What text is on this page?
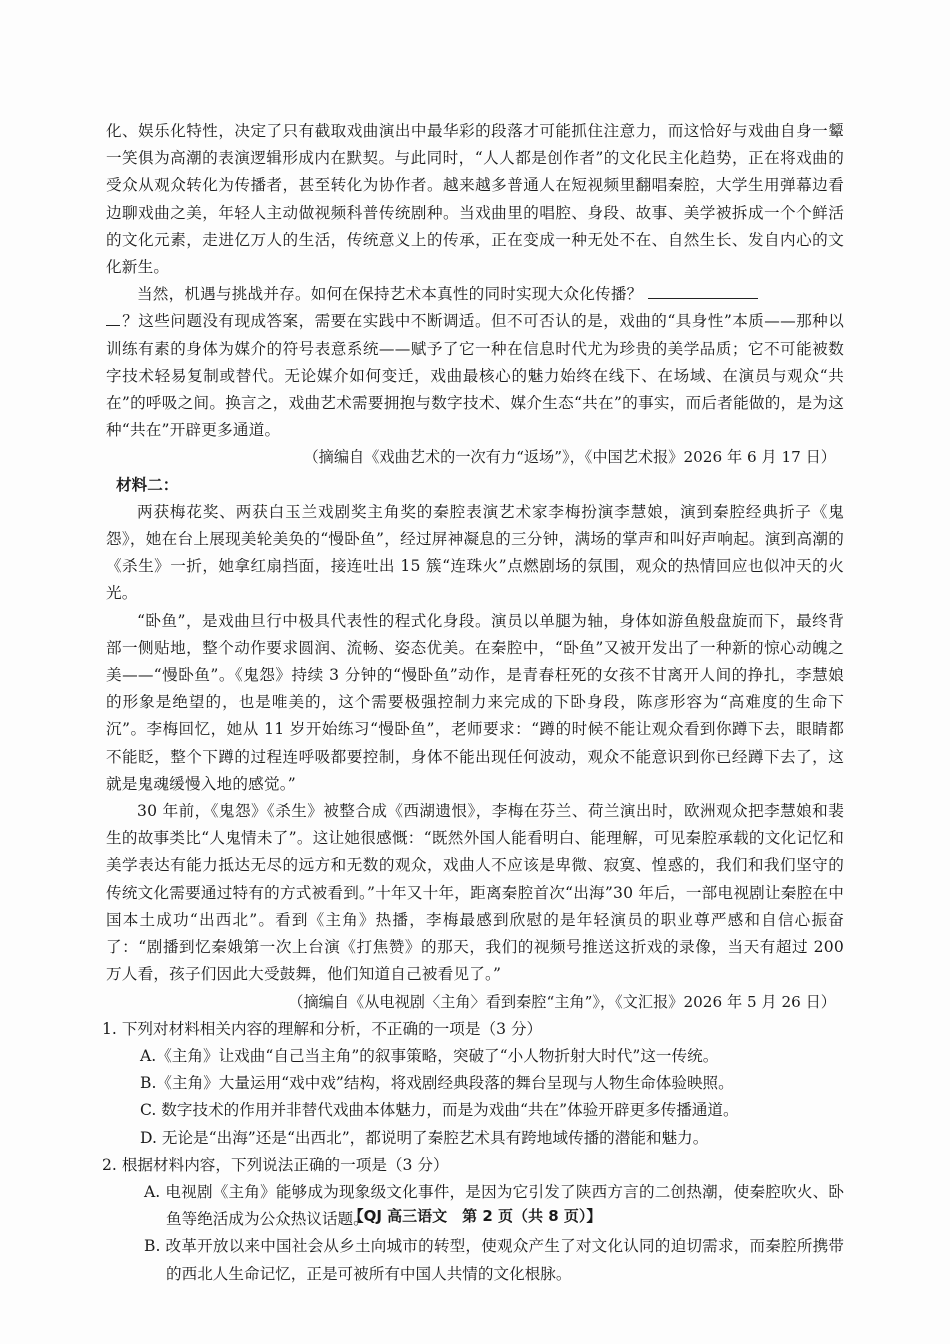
化、娱乐化特性，决定了只有截取戏曲演出中最华彩的段落才可能抓住注意力，而这恰好与戏曲自身一颦一笑俱为高潮的表演逻辑形成内在默契。与此同时，“人人都是创作者”的文化民主化趋势，正在将戏曲的受众从观众转化为传播者，甚至转化为协作者。越来越多普通人在短视频里翻唱秦腔，大学生用弹幕边看边聊戏曲之美，年轻人主动做视频科普传统剧种。当戏曲里的唱腔、身段、故事、美学被拆成一个个鲜活的文化元素，走进亿万人的生活，传统意义上的传承，正在变成一种无处不在、自然生长、发自内心的文化新生。

当然，机遇与挑战并存。如何在保持艺术本真性的同时实现大众化传播？
？这些问题没有现成答案，需要在实践中不断调适。但不可否认的是，戏曲的“具身性”本质——那种以训练有素的身体为媒介的符号表意系统——赋予了它一种在信息时代尤为珍贵的美学品质；它不可能被数字技术轻易复制或替代。无论媒介如何变迁，戏曲最核心的魅力始终在线下、在场域、在演员与观众“共在”的呼吸之间。换言之，戏曲艺术需要拥抱与数字技术、媒介生态“共在”的事实，而后者能做的，是为这种“共在”开辟更多通道。

（摘编自《戏曲艺术的一次有力“返场”》，《中国艺术报》2026 年 6 月 17 日）

材料二：

两获梅花奖、两获白玉兰戏剧奖主角奖的秦腔表演艺术家李梅扮演李慧娘，演到秦腔经典折子《鬼怨》，她在台上展现美轮美奂的“慢卧鱼”，经过屏神凝息的三分钟，满场的掌声和叫好声响起。演到高潮的《杀生》一折，她拿红扇挡面，接连吐出 15 簇“连珠火”点燃剧场的氛围，观众的热情回应也似冲天的火光。

“卧鱼”，是戏曲旦行中极具代表性的程式化身段。演员以单腿为轴，身体如游鱼般盘旋而下，最终背部一侧贴地，整个动作要求圆润、流畅、姿态优美。在秦腔中，“卧鱼”又被开发出了一种新的惊心动魄之美——“慢卧鱼”。《鬼怨》持续 3 分钟的“慢卧鱼”动作，是青春枉死的女孩不甘离开人间的挣扎，李慧娘的形象是绝望的，也是唯美的，这个需要极强控制力来完成的下卧身段，陈彦形容为“高难度的生命下沉”。李梅回忆，她从 11 岁开始练习“慢卧鱼”，老师要求：“蹲的时候不能让观众看到你蹲下去，眼睛都不能眨，整个下蹲的过程连呼吸都要控制，身体不能出现任何波动，观众不能意识到你已经蹲下去了，这就是鬼魂缓慢入地的感觉。”

30 年前，《鬼怨》《杀生》被整合成《西湖遗恨》，李梅在芬兰、荷兰演出时，欧洲观众把李慧娘和裴生的故事类比“人鬼情未了”。这让她很感慨：“既然外国人能看明白、能理解，可见秦腔承载的文化记忆和美学表达有能力抵达无尽的远方和无数的观众，戏曲人不应该是卑微、寂寞、惶惑的，我们和我们坚守的传统文化需要通过特有的方式被看到。”十年又十年，距离秦腔首次“出海”30 年后，一部电视剧让秦腔在中国本土成功“出西北”。看到《主角》热播，李梅最感到欣慰的是年轻演员的职业尊严感和自信心振奋了：“剧播到忆秦娥第一次上台演《打焦赞》的那天，我们的视频号推送这折戏的录像，当天有超过 200 万人看，孩子们因此大受鼓舞，他们知道自己被看见了。”

（摘编自《从电视剧〈主角〉看到秦腔“主角”》，《文汇报》2026 年 5 月 26 日）

1. 下列对材料相关内容的理解和分析，不正确的一项是（3 分）

A.《主角》让戏曲“自己当主角”的叙事策略，突破了“小人物折射大时代”这一传统。

B.《主角》大量运用“戏中戏”结构，将戏剧经典段落的舞台呈现与人物生命体验映照。

C. 数字技术的作用并非替代戏曲本体魅力，而是为戏曲“共在”体验开辟更多传播通道。

D. 无论是“出海”还是“出西北”，都说明了秦腔艺术具有跨地域传播的潜能和魅力。

2. 根据材料内容，下列说法正确的一项是（3 分）

A. 电视剧《主角》能够成为现象级文化事件，是因为它引发了陕西方言的二创热潮，使秦腔吹火、卧鱼等绝活成为公众热议话题。

B. 改革开放以来中国社会从乡土向城市的转型，使观众产生了对文化认同的迫切需求，而秦腔所携带的西北人生命记忆，正是可被所有中国人共情的文化根脉。

【QJ 高三语文　第 2 页（共 8 页）】
